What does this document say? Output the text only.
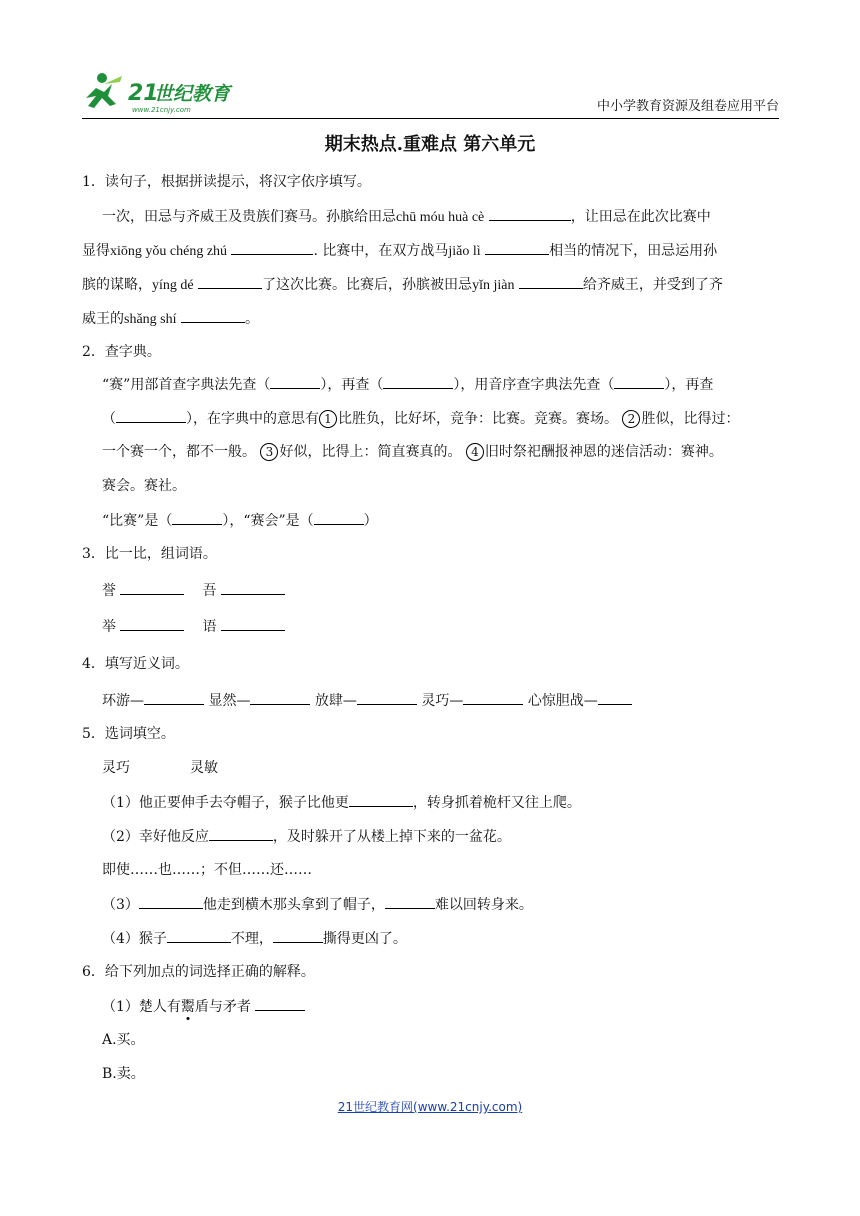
21
世纪教育
www.21cnjy.com	中小学教育资源及组卷应用平台
期末热点.重难点 第六单元
1．读句子，根据拼读提示，将汉字依序填写。
一次，田忌与齐威王及贵族们赛马。孙膑给田忌chū móu huà cè	，让田忌在此次比赛中
显得xiōng yǒu chéng zhú	. 比赛中，在双方战马jiǎo lì	相当的情况下，田忌运用孙
膑的谋略，yíng dé	了这次比赛。比赛后，孙膑被田忌yǐn jiàn	给齐威王，并受到了齐
威王的shǎng shí	。
2．查字典。
“赛”用部首查字典法先查（	），再查（	），用音序查字典法先查（	），再查
（	），在字典中的意思有 1 比胜负，比好坏，竞争：比赛。竞赛。赛场。 2 胜似，比得过：
一个赛一个，都不一般。 3 好似，比得上：简直赛真的。 4 旧时祭祀酬报神恩的迷信活动：赛神。
赛会。赛社。
“比赛”是（	），“赛会”是（	）
3．比一比，组词语。
誉	吾
举	语
4．填写近义词。
环游—	显然—	放肆—	灵巧—	心惊胆战—
5．选词填空。
灵巧	灵敏
（1）他正要伸手去夺帽子，猴子比他更	，转身抓着桅杆又往上爬。
（2）幸好他反应	，及时躲开了从楼上掉下来的一盆花。
即使……也……；不但……还……
（3）	他走到横木那头拿到了帽子，	难以回转身来。
（4）猴子	不理，	撕得更凶了。
6．给下列加点的词选择正确的解释。
（1）楚人有鬻盾与矛者
A.买。
B.卖。
21世纪教育网(www.21cnjy.com)
